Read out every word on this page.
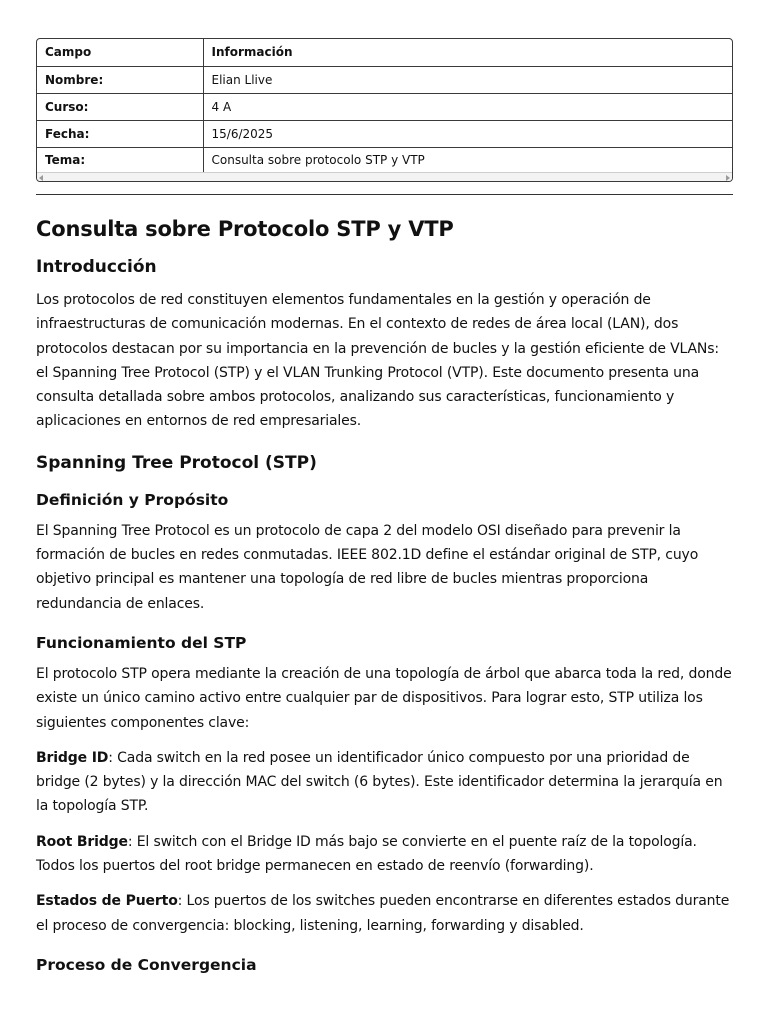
Campo	Información
Nombre:	Elian Llive
Curso:	4 A
Fecha:	15/6/2025
Tema:	Consulta sobre protocolo STP y VTP
Consulta sobre Protocolo STP y VTP
Introducción

Los protocolos de red constituyen elementos fundamentales en la gestión y operación de infraestructuras de comunicación modernas. En el contexto de redes de área local (LAN), dos protocolos destacan por su importancia en la prevención de bucles y la gestión eficiente de VLANs: el Spanning Tree Protocol (STP) y el VLAN Trunking Protocol (VTP). Este documento presenta una consulta detallada sobre ambos protocolos, analizando sus características, funcionamiento y aplicaciones en entornos de red empresariales.

Spanning Tree Protocol (STP)
Definición y Propósito

El Spanning Tree Protocol es un protocolo de capa 2 del modelo OSI diseñado para prevenir la formación de bucles en redes conmutadas. IEEE 802.1D define el estándar original de STP, cuyo objetivo principal es mantener una topología de red libre de bucles mientras proporciona redundancia de enlaces.

Funcionamiento del STP

El protocolo STP opera mediante la creación de una topología de árbol que abarca toda la red, donde existe un único camino activo entre cualquier par de dispositivos. Para lograr esto, STP utiliza los siguientes componentes clave:

Bridge ID: Cada switch en la red posee un identificador único compuesto por una prioridad de bridge (2 bytes) y la dirección MAC del switch (6 bytes). Este identificador determina la jerarquía en la topología STP.

Root Bridge: El switch con el Bridge ID más bajo se convierte en el puente raíz de la topología. Todos los puertos del root bridge permanecen en estado de reenvío (forwarding).

Estados de Puerto: Los puertos de los switches pueden encontrarse en diferentes estados durante el proceso de convergencia: blocking, listening, learning, forwarding y disabled.

Proceso de Convergencia
